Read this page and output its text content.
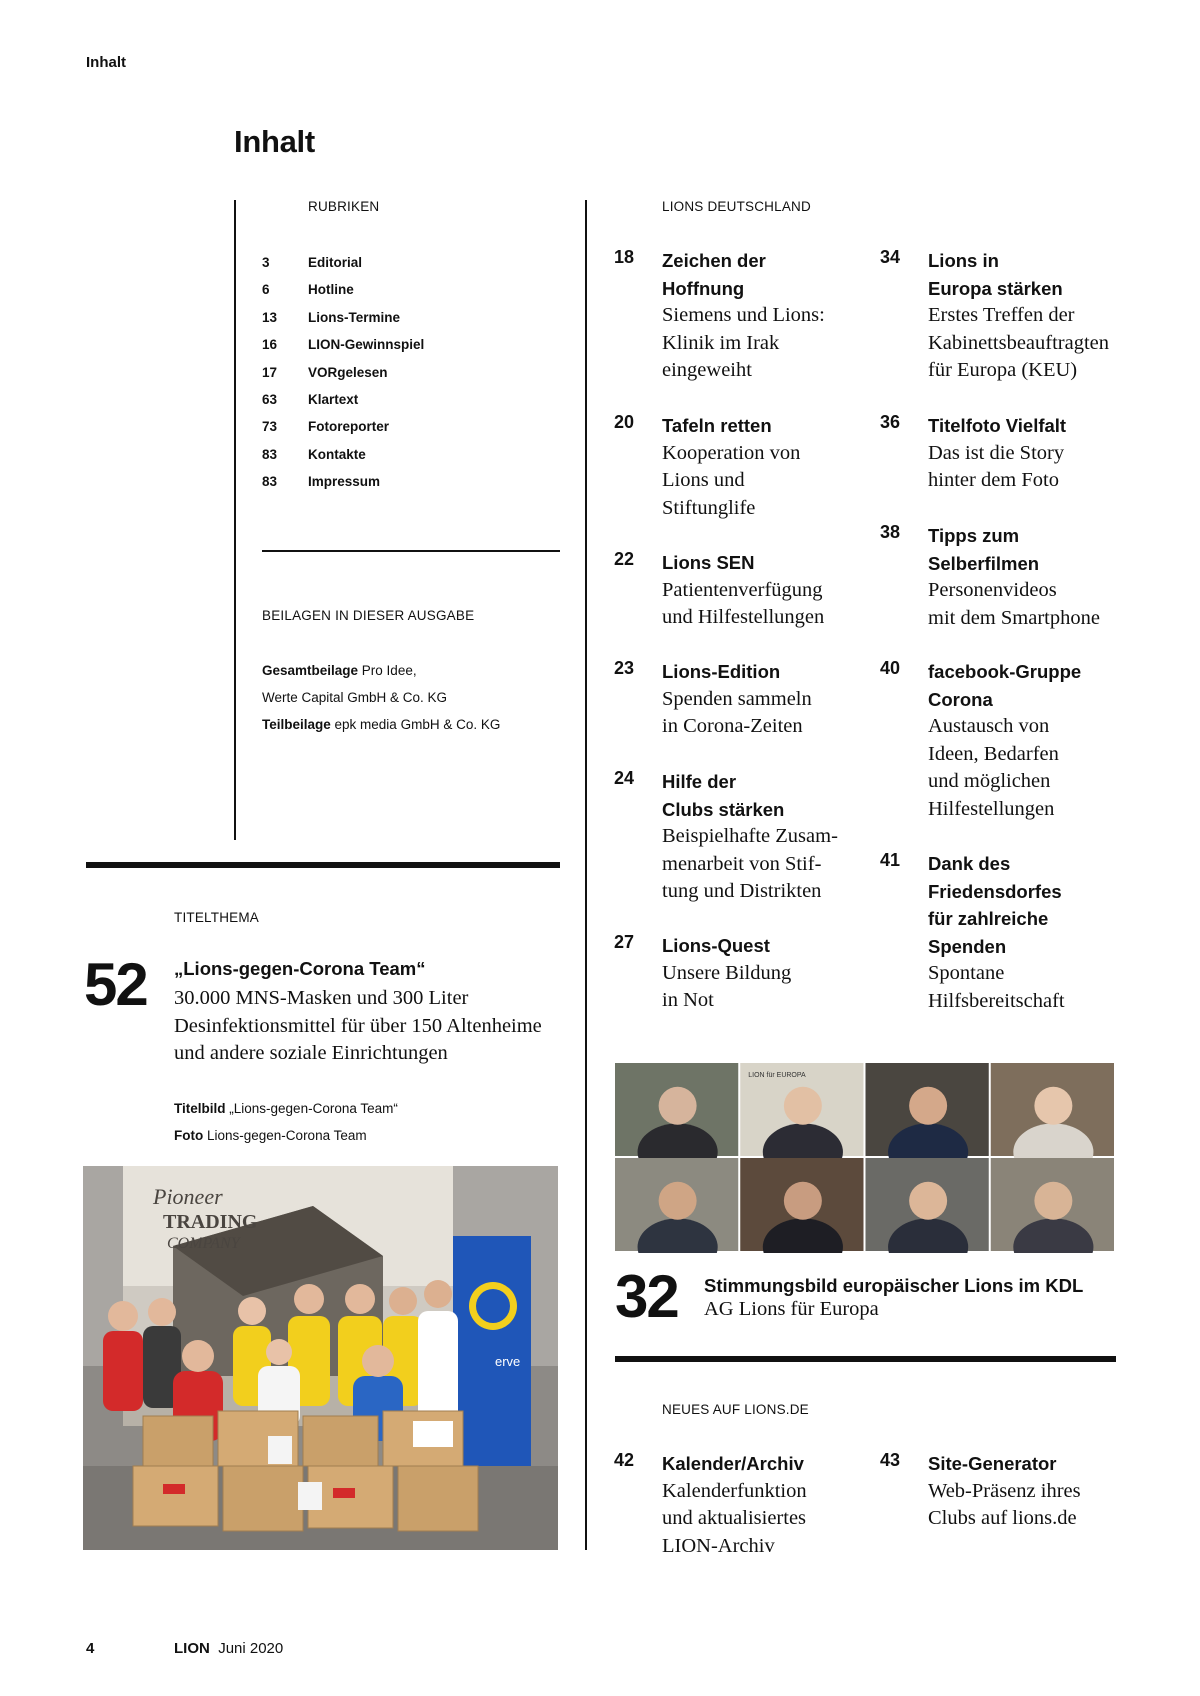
Inhalt
Inhalt
RUBRIKEN
3	Editorial
6	Hotline
13 Lions-Termine
16 LION-Gewinnspiel
17 VORgelesen
63 Klartext
73 Fotoreporter
83 Kontakte
83 Impressum
BEILAGEN IN DIESER AUSGABE
Gesamtbeilage Pro Idee,
Werte Capital GmbH & Co. KG
Teilbeilage epk media GmbH & Co. KG
TITELTHEMA
52 „Lions-gegen-Corona Team“
30.000 MNS-Masken und 300 Liter
Desinfektionsmittel für über 150 Altenheime
und andere soziale Einrichtungen
Titelbild „Lions-gegen-Corona Team“
Foto Lions-gegen-Corona Team
Pioneer
TRADING
COMPANY
erve
LIONS DEUTSCHLAND
18 Zeichen der
Hoffnung
Siemens und Lions:
Klinik im Irak
eingeweiht
20 Tafeln retten
Kooperation von
Lions und
Stiftunglife
22 Lions SEN
Patientenverfügung
und Hilfestellungen
23 Lions-Edition
Spenden sammeln
in Corona-Zeiten
24 Hilfe der
Clubs stärken
Beispielhafte Zusam-
menarbeit von Stif-
tung und Distrikten
27 Lions-Quest
Unsere Bildung
in Not
34 Lions in
Europa stärken
Erstes Treffen der
Kabinettsbeauftragten
für Europa (KEU)
36 Titelfoto Vielfalt
Das ist die Story
hinter dem Foto
38 Tipps zum
Selberfilmen
Personenvideos
mit dem Smartphone
40 facebook-Gruppe
Corona
Austausch von
Ideen, Bedarfen
und möglichen
Hilfestellungen
41 Dank des
Friedensdorfes
für zahlreiche
Spenden
Spontane
Hilfsbereitschaft
LION für EUROPA
32 Stimmungsbild europäischer Lions im KDL
AG Lions für Europa
NEUES AUF LIONS.DE
42 Kalender/Archiv
Kalenderfunktion
und aktualisiertes
LION-Archiv
43 Site-Generator
Web-Präsenz ihres
Clubs auf lions.de
4	LION Juni 2020
